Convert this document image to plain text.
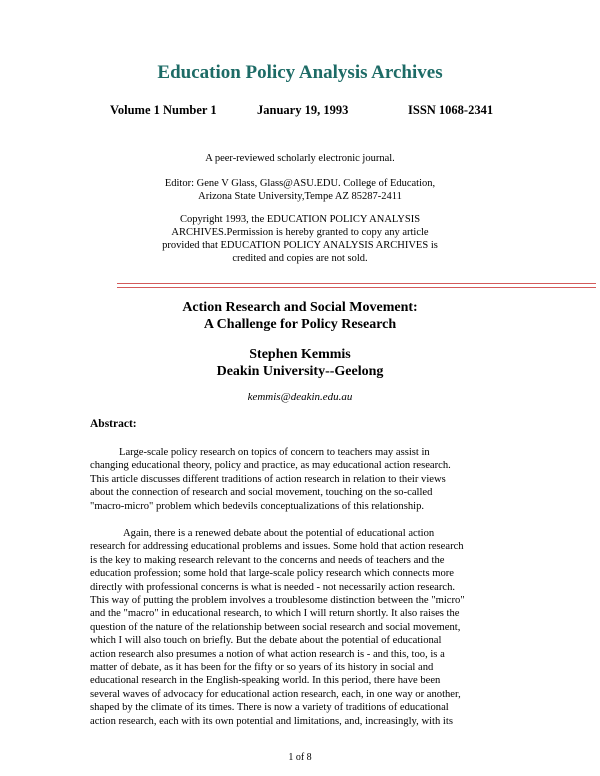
Education Policy Analysis Archives
Volume 1 Number 1	January 19, 1993	ISSN 1068-2341
A peer-reviewed scholarly electronic journal.
Editor: Gene V Glass, Glass@ASU.EDU. College of Education,
Arizona State University,Tempe AZ 85287-2411
Copyright 1993, the EDUCATION POLICY ANALYSIS
ARCHIVES.Permission is hereby granted to copy any article
provided that EDUCATION POLICY ANALYSIS ARCHIVES is
credited and copies are not sold.
Action Research and Social Movement:
A Challenge for Policy Research
Stephen Kemmis
Deakin University--Geelong
kemmis@deakin.edu.au
Abstract:
Large-scale policy research on topics of concern to teachers may assist in
changing educational theory, policy and practice, as may educational action research.
This article discusses different traditions of action research in relation to their views
about the connection of research and social movement, touching on the so-called
"macro-micro" problem which bedevils conceptualizations of this relationship.
Again, there is a renewed debate about the potential of educational action
research for addressing educational problems and issues. Some hold that action research
is the key to making research relevant to the concerns and needs of teachers and the
education profession; some hold that large-scale policy research which connects more
directly with professional concerns is what is needed - not necessarily action research.
This way of putting the problem involves a troublesome distinction between the "micro"
and the "macro" in educational research, to which I will return shortly. It also raises the
question of the nature of the relationship between social research and social movement,
which I will also touch on briefly. But the debate about the potential of educational
action research also presumes a notion of what action research is - and this, too, is a
matter of debate, as it has been for the fifty or so years of its history in social and
educational research in the English-speaking world. In this period, there have been
several waves of advocacy for educational action research, each, in one way or another,
shaped by the climate of its times. There is now a variety of traditions of educational
action research, each with its own potential and limitations, and, increasingly, with its
1 of 8
